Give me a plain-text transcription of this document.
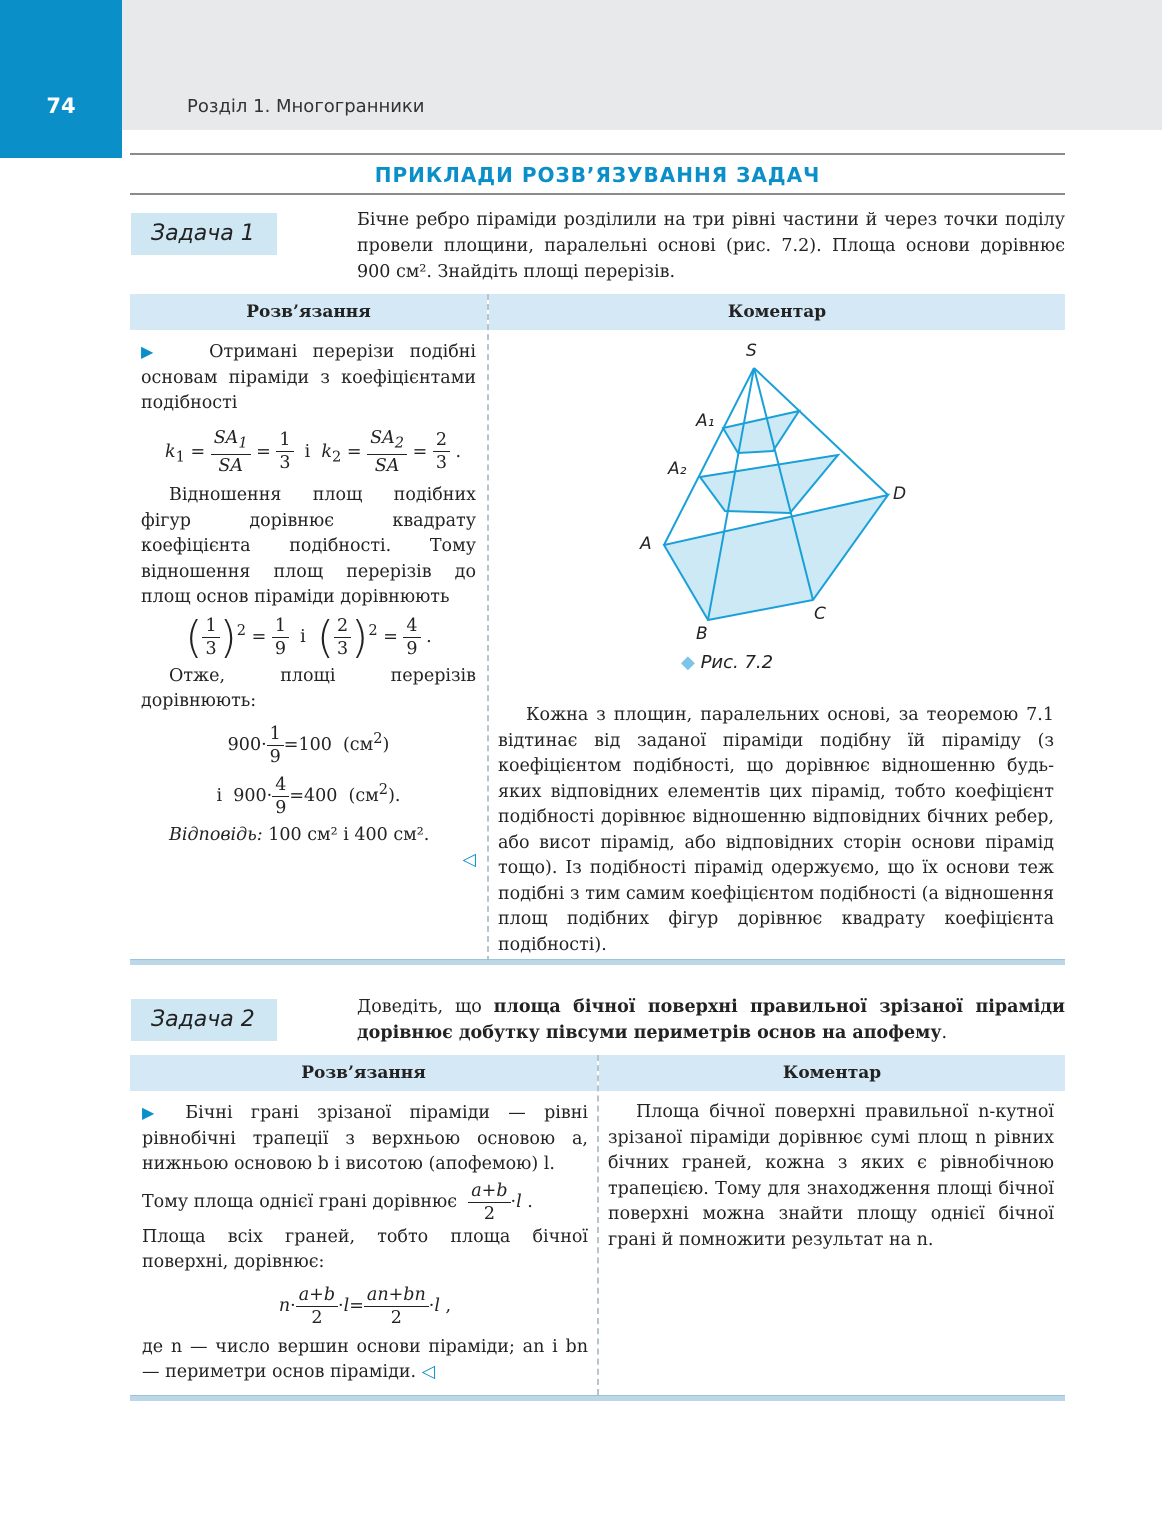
74	Розділ 1. Многогранники
ПРИКЛАДИ РОЗВ’ЯЗУВАННЯ ЗАДАЧ
Задача 1
Бічне ребро піраміди розділили на три рівні частини й через точки поділу провели площини, паралельні основі (рис. 7.2). Площа основи дорівнює 900 см². Знайдіть площі перерізів.
Розв’язання	Коментар

▶	Отримані перерізи подібні основам піраміди з коефіцієнтами подібності

$k_1 = \frac{SA_1}{SA} = \frac{1}{3}$ і  $k_2 = \frac{SA_2}{SA} = \frac{2}{3}$ .

Відношення площ подібних фігур дорівнює квадрату коефіцієнта подібності. Тому відношення площ перерізів до площ основ піраміди дорівнюють

( $\frac{1}{3} )^2 = \frac{1}{9}$ і  ( $\frac{2}{3} )^2 = \frac{4}{9}$ .

Отже, площі перерізів дорівнюють:

$900\cdot \frac{1}{9} =100$  $(см^2)$
і  $900\cdot \frac{4}{9} =400$  $(см^2)$.

Відповідь: 100 см² і 400 см².

◁
S
A₁
A₂
A
B
C
D
◆ Рис. 7.2
Кожна з площин, паралельних основі, за теоремою 7.1 відтинає від заданої піраміди подібну їй піраміду (з коефіцієнтом подібності, що дорівнює відношенню будь-яких відповідних елементів цих пірамід, тобто коефіцієнт подібності дорівнює відношенню відповідних бічних ребер, або висот пірамід, або відповідних сторін основи пірамід тощо). Із подібності пірамід одержуємо, що їх основи теж подібні з тим самим коефіцієнтом подібності (а відношення площ подібних фігур дорівнює квадрату коефіцієнта подібності).
Задача 2	Доведіть, що площа бічної поверхні правильної зрізаної піраміди дорівнює добутку півсуми периметрів основ на апофему.
Розв’язання	Коментар

▶ Бічні грані зрізаної піраміди — рівні рівнобічні трапеції з верхньою основою a, нижньою основою b і висотою (апофемою) l.

Тому площа однієї грані дорівнює $\frac{a+b}{2} \cdot l$ .

Площа всіх граней, тобто площа бічної поверхні, дорівнює:

$n\cdot \frac{a+b}{2} \cdot l= \frac{an+bn}{2} \cdot l$ ,

де n — число вершин основи піраміди; an і bn — периметри основ піраміди. ◁

Площа бічної поверхні правильної n-кутної зрізаної піраміди дорівнює сумі площ n рівних бічних граней, кожна з яких є рівнобічною трапецією. Тому для знаходження площі бічної поверхні можна знайти площу однієї бічної грані й помножити результат на n.
